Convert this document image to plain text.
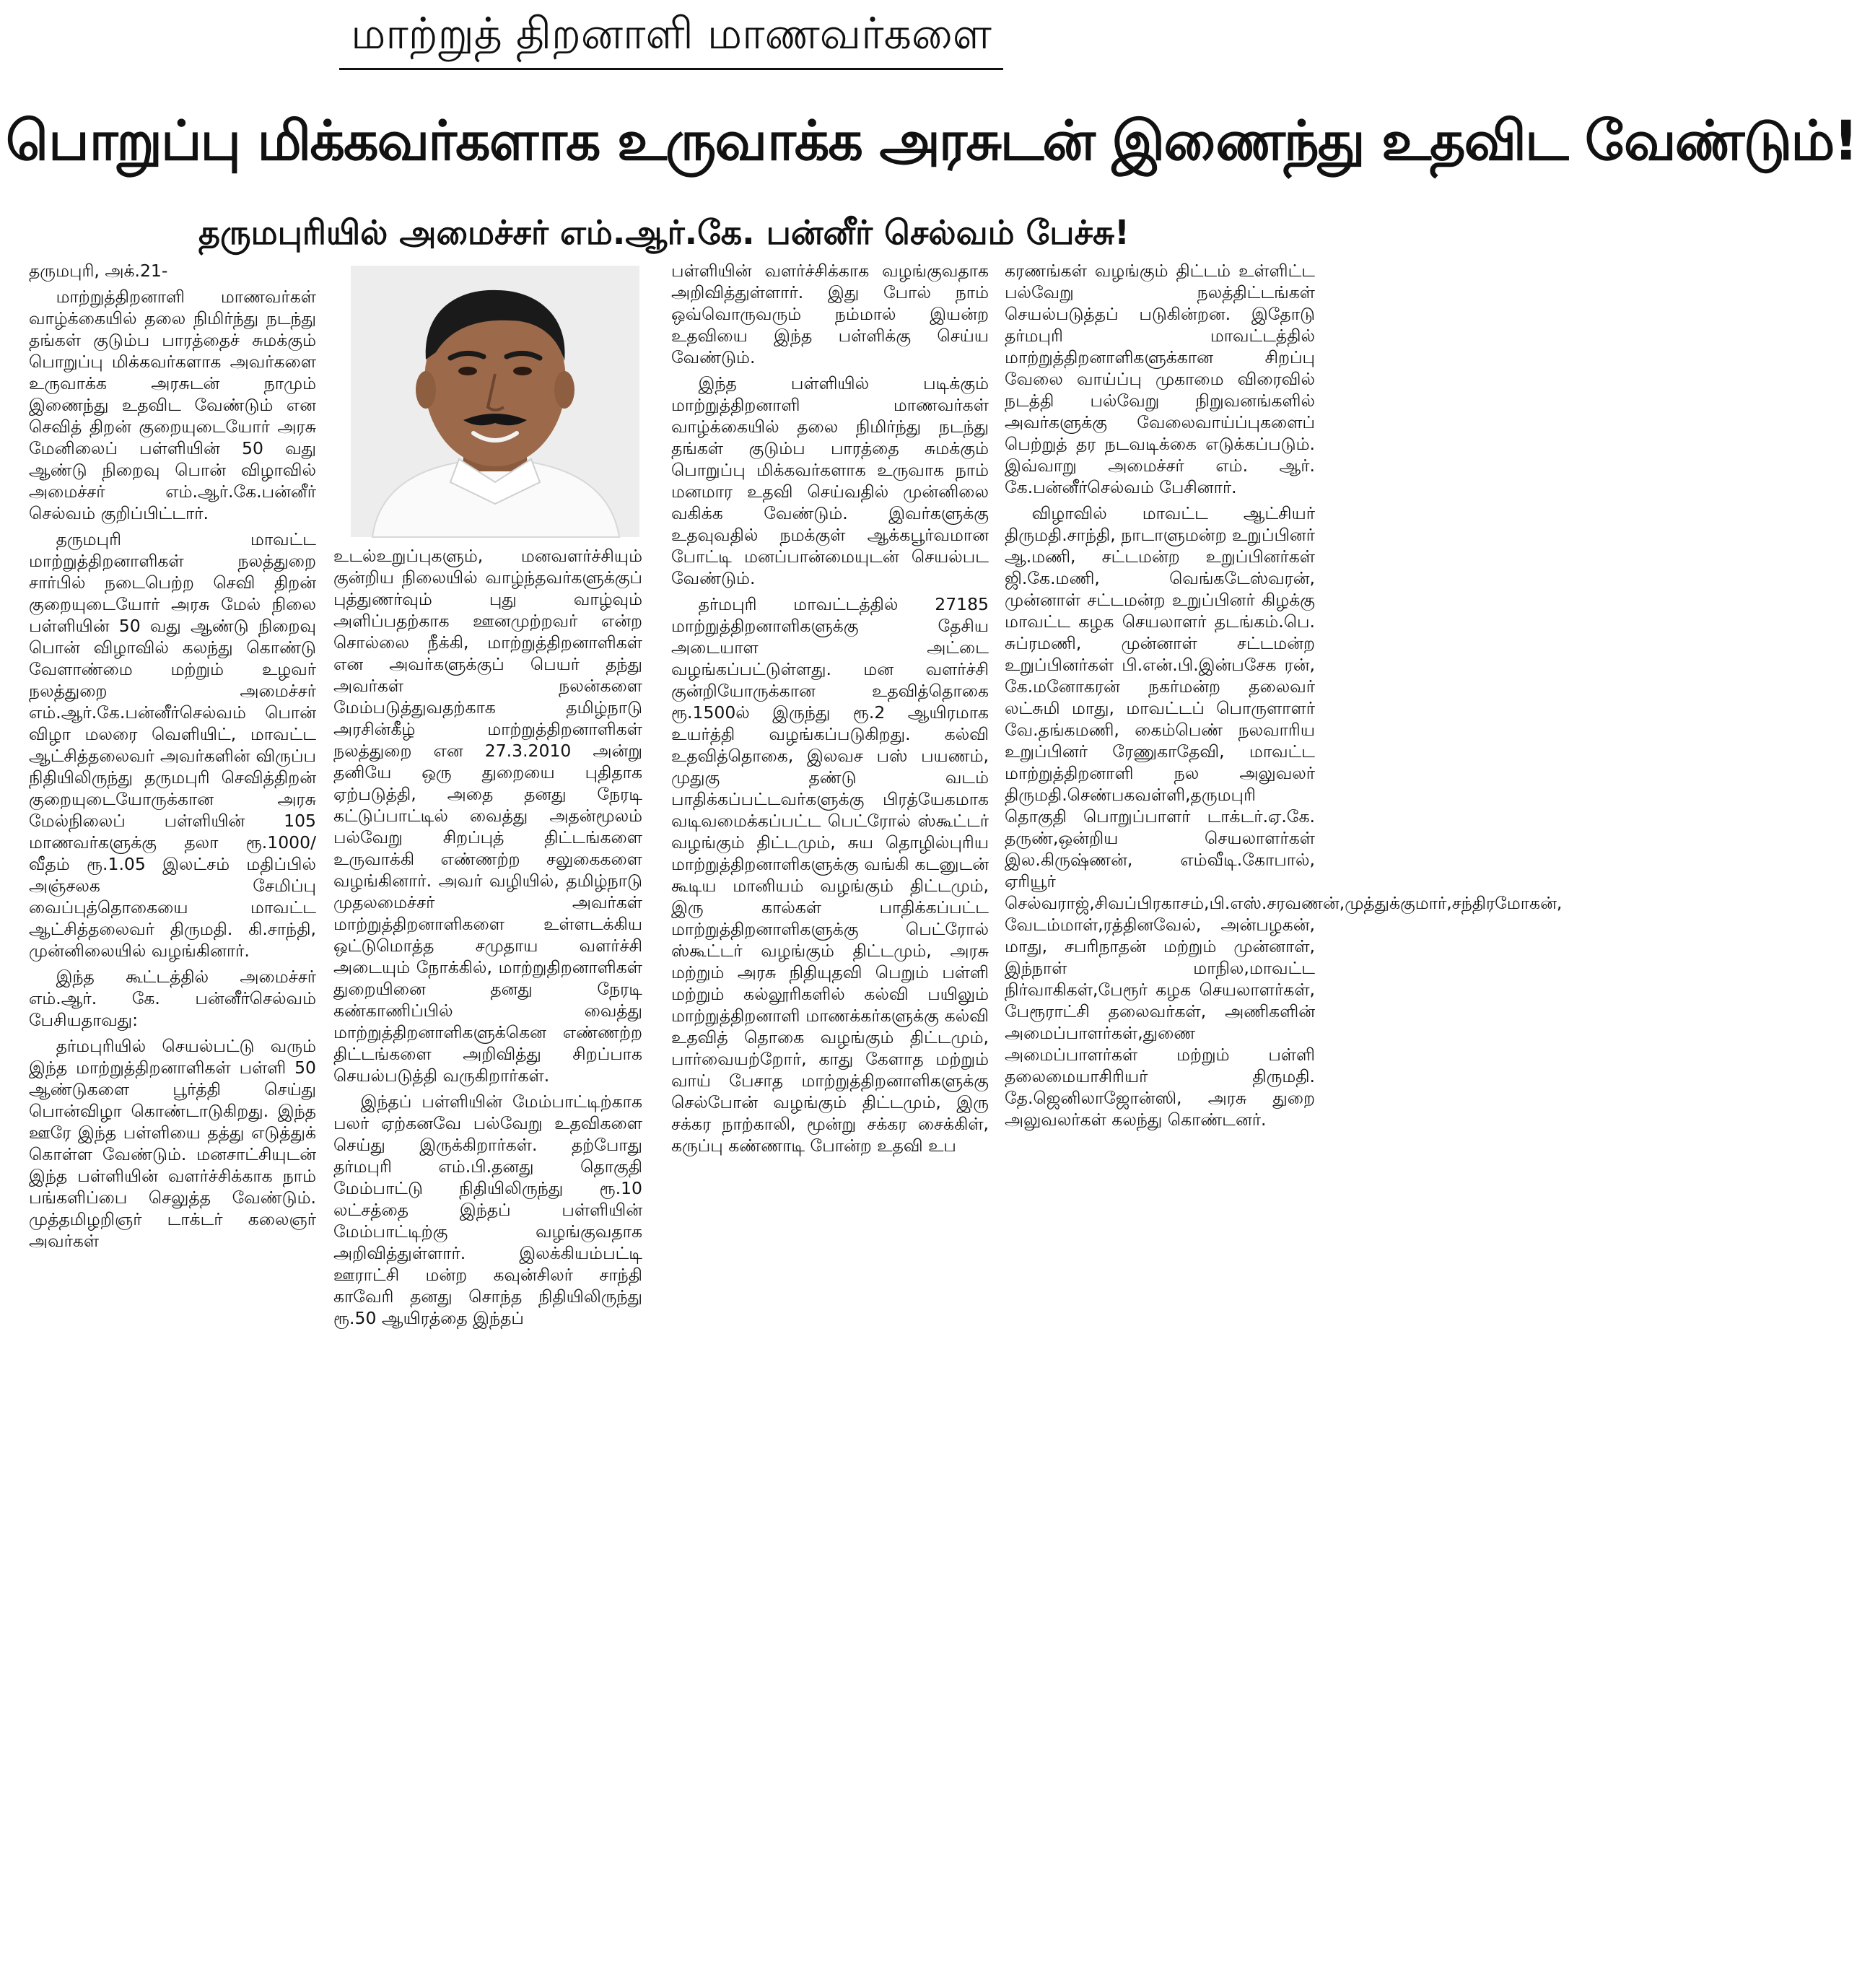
மாற்றுத் திறனாளி மாணவர்களை
பொறுப்பு மிக்கவர்களாக உருவாக்க அரசுடன் இணைந்து உதவிட வேண்டும்!
தருமபுரியில் அமைச்சர் எம்.ஆர்.கே. பன்னீர் செல்வம் பேச்சு!

தருமபுரி, அக்.21-

மாற்றுத்திறனாளி மாணவர்கள் வாழ்க்கையில் தலை நிமிர்ந்து நடந்து தங்கள் குடும்ப பாரத்தைச் சுமக்கும் பொறுப்பு மிக்கவர்களாக அவர்களை உருவாக்க அரசுடன் நாமும் இணைந்து உதவிட வேண்டும் என செவித் திறன் குறையுடையோர் அரசு மேனிலைப் பள்ளியின் 50 வது ஆண்டு நிறைவு பொன் விழாவில் அமைச்சர் எம்.ஆர்.கே.பன்னீர் செல்வம் குறிப்பிட்டார்.

தருமபுரி மாவட்ட மாற்றுத்திறனாளிகள் நலத்துறை சார்பில் நடைபெற்ற செவி திறன் குறையுடையோர் அரசு மேல் நிலை பள்ளியின் 50 வது ஆண்டு நிறைவு பொன் விழாவில் கலந்து கொண்டு வேளாண்மை மற்றும் உழவர் நலத்துறை அமைச்சர் எம்.ஆர்.கே.பன்னீர்செல்வம் பொன் விழா மலரை வெளியிட், மாவட்ட ஆட்சித்தலைவர் அவர்களின் விருப்ப நிதியிலிருந்து தருமபுரி செவித்திறன் குறையுடையோருக்கான அரசு மேல்நிலைப் பள்ளியின் 105 மாணவர்களுக்கு தலா ரூ.1000/ வீதம் ரூ.1.05 இலட்சம் மதிப்பில் அஞ்சலக சேமிப்பு வைப்புத்தொகையை மாவட்ட ஆட்சித்தலைவர் திருமதி. கி.சாந்தி, முன்னிலையில் வழங்கினார்.

இந்த கூட்டத்தில் அமைச்சர் எம்.ஆர். கே. பன்னீர்செல்வம் பேசியதாவது:

தர்மபுரியில் செயல்பட்டு வரும் இந்த மாற்றுத்திறனாளிகள் பள்ளி 50 ஆண்டுகளை பூர்த்தி செய்து பொன்விழா கொண்டாடுகிறது. இந்த ஊரே இந்த பள்ளியை தத்து எடுத்துக் கொள்ள வேண்டும். மனசாட்சியுடன் இந்த பள்ளியின் வளர்ச்சிக்காக நாம் பங்களிப்பை செலுத்த வேண்டும். முத்தமிழறிஞர் டாக்டர் கலைஞர் அவர்கள்

உடல்உறுப்புகளும், மனவளர்ச்சியும் குன்றிய நிலையில் வாழ்ந்தவர்களுக்குப் புத்துணர்வும் புது வாழ்வும் அளிப்பதற்காக ஊனமுற்றவர் என்ற சொல்லை நீக்கி, மாற்றுத்திறனாளிகள் என அவர்களுக்குப் பெயர் தந்து அவர்கள் நலன்களை மேம்படுத்துவதற்காக தமிழ்நாடு அரசின்கீழ் மாற்றுத்திறனாளிகள் நலத்துறை என 27.3.2010 அன்று தனியே ஒரு துறையை புதிதாக ஏற்படுத்தி, அதை தனது நேரடி கட்டுப்பாட்டில் வைத்து அதன்மூலம் பல்வேறு சிறப்புத் திட்டங்களை உருவாக்கி எண்ணற்ற சலுகைகளை வழங்கினார். அவர் வழியில், தமிழ்நாடு முதலமைச்சர் அவர்கள் மாற்றுத்திறனாளிகளை உள்ளடக்கிய ஒட்டுமொத்த சமுதாய வளர்ச்சி அடையும் நோக்கில், மாற்றுதிறனாளிகள் துறையினை தனது நேரடி கண்காணிப்பில் வைத்து மாற்றுத்திறனாளிகளுக்கென எண்ணற்ற திட்டங்களை அறிவித்து சிறப்பாக செயல்படுத்தி வருகிறார்கள்.

இந்தப் பள்ளியின் மேம்பாட்டிற்காக பலர் ஏற்கனவே பல்வேறு உதவிகளை செய்து இருக்கிறார்கள். தற்போது தர்மபுரி எம்.பி.தனது தொகுதி மேம்பாட்டு நிதியிலிருந்து ரூ.10 லட்சத்தை இந்தப் பள்ளியின் மேம்பாட்டிற்கு வழங்குவதாக அறிவித்துள்ளார். இலக்கியம்பட்டி ஊராட்சி மன்ற கவுன்சிலர் சாந்தி காவேரி தனது சொந்த நிதியிலிருந்து ரூ.50 ஆயிரத்தை இந்தப்

பள்ளியின் வளர்ச்சிக்காக வழங்குவதாக அறிவித்துள்ளார். இது போல் நாம் ஒவ்வொருவரும் நம்மால் இயன்ற உதவியை இந்த பள்ளிக்கு செய்ய வேண்டும்.

இந்த பள்ளியில் படிக்கும் மாற்றுத்திறனாளி மாணவர்கள் வாழ்க்கையில் தலை நிமிர்ந்து நடந்து தங்கள் குடும்ப பாரத்தை சுமக்கும் பொறுப்பு மிக்கவர்களாக உருவாக நாம் மனமார உதவி செய்வதில் முன்னிலை வகிக்க வேண்டும். இவர்களுக்கு உதவுவதில் நமக்குள் ஆக்கபூர்வமான போட்டி மனப்பான்மையுடன் செயல்பட வேண்டும்.

தர்மபுரி மாவட்டத்தில் 27185 மாற்றுத்திறனாளிகளுக்கு தேசிய அடையாள அட்டை வழங்கப்பட்டுள்ளது. மன வளர்ச்சி குன்றியோருக்கான உதவித்தொகை ரூ.1500ல் இருந்து ரூ.2 ஆயிரமாக உயர்த்தி வழங்கப்படுகிறது. கல்வி உதவித்தொகை, இலவச பஸ் பயணம், முதுகு தண்டு வடம் பாதிக்கப்பட்டவர்களுக்கு பிரத்யேகமாக வடிவமைக்கப்பட்ட பெட்ரோல் ஸ்கூட்டர் வழங்கும் திட்டமும், சுய தொழில்புரிய மாற்றுத்திறனாளிகளுக்கு வங்கி கடனுடன் கூடிய மானியம் வழங்கும் திட்டமும், இரு கால்கள் பாதிக்கப்பட்ட மாற்றுத்திறனாளிகளுக்கு பெட்ரோல் ஸ்கூட்டர் வழங்கும் திட்டமும், அரசு மற்றும் அரசு நிதியுதவி பெறும் பள்ளி மற்றும் கல்லூரிகளில் கல்வி பயிலும் மாற்றுத்திறனாளி மாணக்கர்களுக்கு கல்வி உதவித் தொகை வழங்கும் திட்டமும், பார்வையற்றோர், காது கேளாத மற்றும் வாய் பேசாத மாற்றுத்திறனாளிகளுக்கு செல்போன் வழங்கும் திட்டமும், இரு சக்கர நாற்காலி, மூன்று சக்கர சைக்கிள், கருப்பு கண்ணாடி போன்ற உதவி உப

கரணங்கள் வழங்கும் திட்டம் உள்ளிட்ட பல்வேறு நலத்திட்டங்கள் செயல்படுத்தப் படுகின்றன. இதோடு தர்மபுரி மாவட்டத்தில் மாற்றுத்திறனாளிகளுக்கான சிறப்பு வேலை வாய்ப்பு முகாமை விரைவில் நடத்தி பல்வேறு நிறுவனங்களில் அவர்களுக்கு வேலைவாய்ப்புகளைப் பெற்றுத் தர நடவடிக்கை எடுக்கப்படும். இவ்வாறு அமைச்சர் எம். ஆர். கே.பன்னீர்செல்வம் பேசினார்.

விழாவில் மாவட்ட ஆட்சியர் திருமதி.சாந்தி, நாடாளுமன்ற உறுப்பினர் ஆ.மணி, சட்டமன்ற உறுப்பினர்கள் ஜி.கே.மணி, வெங்கடேஸ்வரன், முன்னாள் சட்டமன்ற உறுப்பினர் கிழக்கு மாவட்ட கழக செயலாளர் தடங்கம்.பெ. சுப்ரமணி, முன்னாள் சட்டமன்ற உறுப்பினர்கள் பி.என்.பி.இன்பசேக ரன், கே.மனோகரன் நகர்மன்ற தலைவர் லட்சுமி மாது, மாவட்டப் பொருளாளர் வே.தங்கமணி, கைம்பெண் நலவாரிய உறுப்பினர் ரேணுகாதேவி, மாவட்ட மாற்றுத்திறனாளி நல அலுவலர் திருமதி.செண்பகவள்ளி,தருமபுரி தொகுதி பொறுப்பாளர் டாக்டர்.ஏ.கே. தருண்,ஒன்றிய செயலாளர்கள் இல.கிருஷ்ணன், எம்வீடி.கோபால், ஏரியூர் செல்வராஜ்,சிவப்பிரகாசம்,பி.எஸ்.சரவணன்,முத்துக்குமார்,சந்திரமோகன், வேடம்மாள்,ரத்தினவேல், அன்பழகன், மாது, சபரிநாதன் மற்றும் முன்னாள், இந்நாள் மாநில,மாவட்ட நிர்வாகிகள்,பேரூர் கழக செயலாளர்கள், பேரூராட்சி தலைவர்கள், அணிகளின் அமைப்பாளர்கள்,துணை அமைப்பாளர்கள் மற்றும் பள்ளி தலைமையாசிரியர் திருமதி. தே.ஜெனிலாஜோன்ஸி, அரசு துறை அலுவலர்கள் கலந்து கொண்டனர்.
